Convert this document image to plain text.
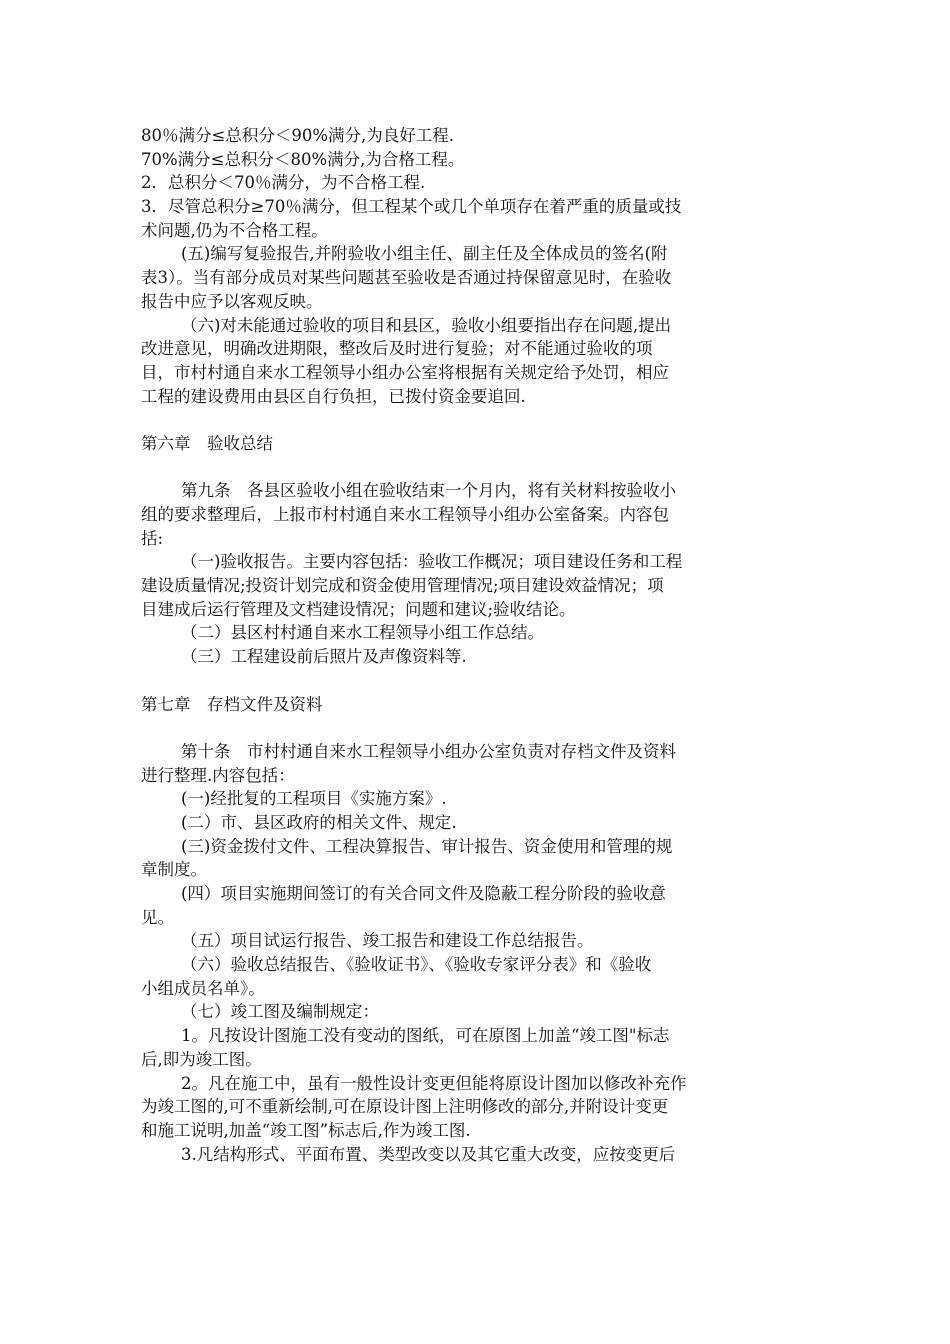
80％满分≤总积分＜90%满分,为良好工程.
70%满分≤总积分＜80%满分,为合格工程。
2．总积分＜70％满分，为不合格工程.
3．尽管总积分≥70％满分，但工程某个或几个单项存在着严重的质量或技
术问题,仍为不合格工程。
(五)编写复验报告,并附验收小组主任、副主任及全体成员的签名(附
表3）。当有部分成员对某些问题甚至验收是否通过持保留意见时，在验收
报告中应予以客观反映。
（六)对未能通过验收的项目和县区，验收小组要指出存在问题,提出
改进意见，明确改进期限，整改后及时进行复验；对不能通过验收的项
目，市村村通自来水工程领导小组办公室将根据有关规定给予处罚，相应
工程的建设费用由县区自行负担，已拨付资金要追回.
第六章　验收总结
第九条　各县区验收小组在验收结束一个月内，将有关材料按验收小
组的要求整理后，上报市村村通自来水工程领导小组办公室备案。内容包
括:
（一)验收报告。主要内容包括：验收工作概况；项目建设任务和工程
建设质量情况;投资计划完成和资金使用管理情况;项目建设效益情况；项
目建成后运行管理及文档建设情况；问题和建议;验收结论。
（二）县区村村通自来水工程领导小组工作总结。
（三）工程建设前后照片及声像资料等.
第七章　存档文件及资料
第十条　市村村通自来水工程领导小组办公室负责对存档文件及资料
进行整理.内容包括：
(一)经批复的工程项目《实施方案》.
(二）市、县区政府的相关文件、规定.
(三)资金拨付文件、工程决算报告、审计报告、资金使用和管理的规
章制度。
(四）项目实施期间签订的有关合同文件及隐蔽工程分阶段的验收意
见。
（五）项目试运行报告、竣工报告和建设工作总结报告。
（六）验收总结报告、《验收证书》、《验收专家评分表》和《验收
小组成员名单》。
（七）竣工图及编制规定：
1。凡按设计图施工没有变动的图纸，可在原图上加盖“竣工图"标志
后,即为竣工图。
2。凡在施工中，虽有一般性设计变更但能将原设计图加以修改补充作
为竣工图的,可不重新绘制,可在原设计图上注明修改的部分,并附设计变更
和施工说明,加盖“竣工图”标志后,作为竣工图.
3.凡结构形式、平面布置、类型改变以及其它重大改变，应按变更后
